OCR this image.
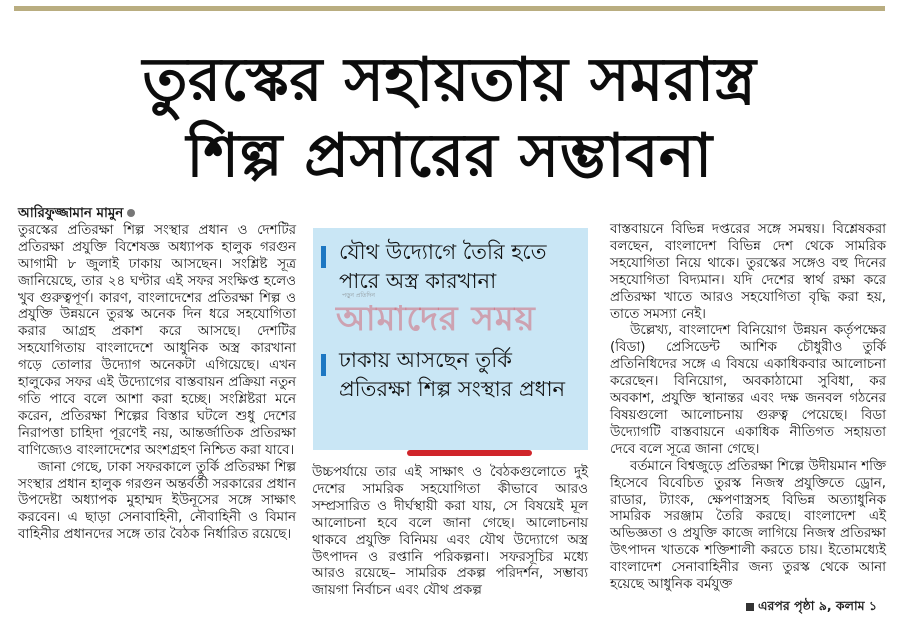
তুরস্কের সহায়তায় সমরাস্ত্র
শিল্প প্রসারের সম্ভাবনা
আরিফুজ্জামান মামুন

তুরস্কের প্রতিরক্ষা শিল্প সংস্থার প্রধান ও দেশটির প্রতিরক্ষা প্রযুক্তি বিশেষজ্ঞ অধ্যাপক হালুক গরগুন আগামী ৮ জুলাই ঢাকায় আসছেন। সংশ্লিষ্ট সূত্র জানিয়েছে, তার ২৪ ঘণ্টার এই সফর সংক্ষিপ্ত হলেও খুব গুরুত্বপূর্ণ। কারণ, বাংলাদেশের প্রতিরক্ষা শিল্প ও প্রযুক্তি উন্নয়নে তুরস্ক অনেক দিন ধরে সহযোগিতা করার আগ্রহ প্রকাশ করে আসছে। দেশটির সহযোগিতায় বাংলাদেশে আধুনিক অস্ত্র কারখানা গড়ে তোলার উদ্যোগ অনেকটা এগিয়েছে। এখন হালুকের সফর এই উদ্যোগের বাস্তবায়ন প্রক্রিয়া নতুন গতি পাবে বলে আশা করা হচ্ছে। সংশ্লিষ্টরা মনে করেন, প্রতিরক্ষা শিল্পের বিস্তার ঘটলে শুধু দেশের নিরাপত্তা চাহিদা পূরণেই নয়, আন্তর্জাতিক প্রতিরক্ষা বাণিজ্যেও বাংলাদেশের অংশগ্রহণ নিশ্চিত করা যাবে।

জানা গেছে, ঢাকা সফরকালে তুর্কি প্রতিরক্ষা শিল্প সংস্থার প্রধান হালুক গরগুন অন্তর্বর্তী সরকারের প্রধান উপদেষ্টা অধ্যাপক মুহাম্মদ ইউনূসের সঙ্গে সাক্ষাৎ করবেন। এ ছাড়া সেনাবাহিনী, নৌবাহিনী ও বিমান বাহিনীর প্রধানদের সঙ্গে তার বৈঠক নির্ধারিত রয়েছে।

যৌথ উদ্যোগে তৈরি হতে পারে অস্ত্র কারখানা
ঢাকায় আসছেন তুর্কি প্রতিরক্ষা শিল্প সংস্থার প্রধান
পড়ুন প্রতিদিন
আমাদের সময়

উচ্চপর্যায়ে তার এই সাক্ষাৎ ও বৈঠকগুলোতে দুই দেশের সামরিক সহযোগিতা কীভাবে আরও সম্প্রসারিত ও দীর্ঘস্থায়ী করা যায়, সে বিষয়েই মূল আলোচনা হবে বলে জানা গেছে। আলোচনায় থাকবে প্রযুক্তি বিনিময় এবং যৌথ উদ্যোগে অস্ত্র উৎপাদন ও রপ্তানি পরিকল্পনা। সফরসূচির মধ্যে আরও রয়েছে– সামরিক প্রকল্প পরিদর্শন, সম্ভাব্য জায়গা নির্বাচন এবং যৌথ প্রকল্প

বাস্তবায়নে বিভিন্ন দপ্তরের সঙ্গে সমন্বয়। বিশ্লেষকরা বলছেন, বাংলাদেশ বিভিন্ন দেশ থেকে সামরিক সহযোগিতা নিয়ে থাকে। তুরস্কের সঙ্গেও বহু দিনের সহযোগিতা বিদ্যমান। যদি দেশের স্বার্থ রক্ষা করে প্রতিরক্ষা খাতে আরও সহযোগিতা বৃদ্ধি করা হয়, তাতে সমস্যা নেই।

উল্লেখ্য, বাংলাদেশ বিনিয়োগ উন্নয়ন কর্তৃপক্ষের (বিডা) প্রেসিডেন্ট আশিক চৌধুরীও তুর্কি প্রতিনিধিদের সঙ্গে এ বিষয়ে একাধিকবার আলোচনা করেছেন। বিনিয়োগ, অবকাঠামো সুবিধা, কর অবকাশ, প্রযুক্তি স্থানান্তর এবং দক্ষ জনবল গঠনের বিষয়গুলো আলোচনায় গুরুত্ব পেয়েছে। বিডা উদ্যোগটি বাস্তবায়নে একাধিক নীতিগত সহায়তা দেবে বলে সূত্রে জানা গেছে।

বর্তমানে বিশ্বজুড়ে প্রতিরক্ষা শিল্পে উদীয়মান শক্তি হিসেবে বিবেচিত তুরস্ক নিজস্ব প্রযুক্তিতে ড্রোন, রাডার, ট্যাংক, ক্ষেপণাস্ত্রসহ বিভিন্ন অত্যাধুনিক সামরিক সরঞ্জাম তৈরি করছে। বাংলাদেশ এই অভিজ্ঞতা ও প্রযুক্তি কাজে লাগিয়ে নিজস্ব প্রতিরক্ষা উৎপাদন খাতকে শক্তিশালী করতে চায়। ইতোমধ্যেই বাংলাদেশ সেনাবাহিনীর জন্য তুরস্ক থেকে আনা হয়েছে আধুনিক বর্মযুক্ত

এরপর পৃষ্ঠা ৯, কলাম ১
